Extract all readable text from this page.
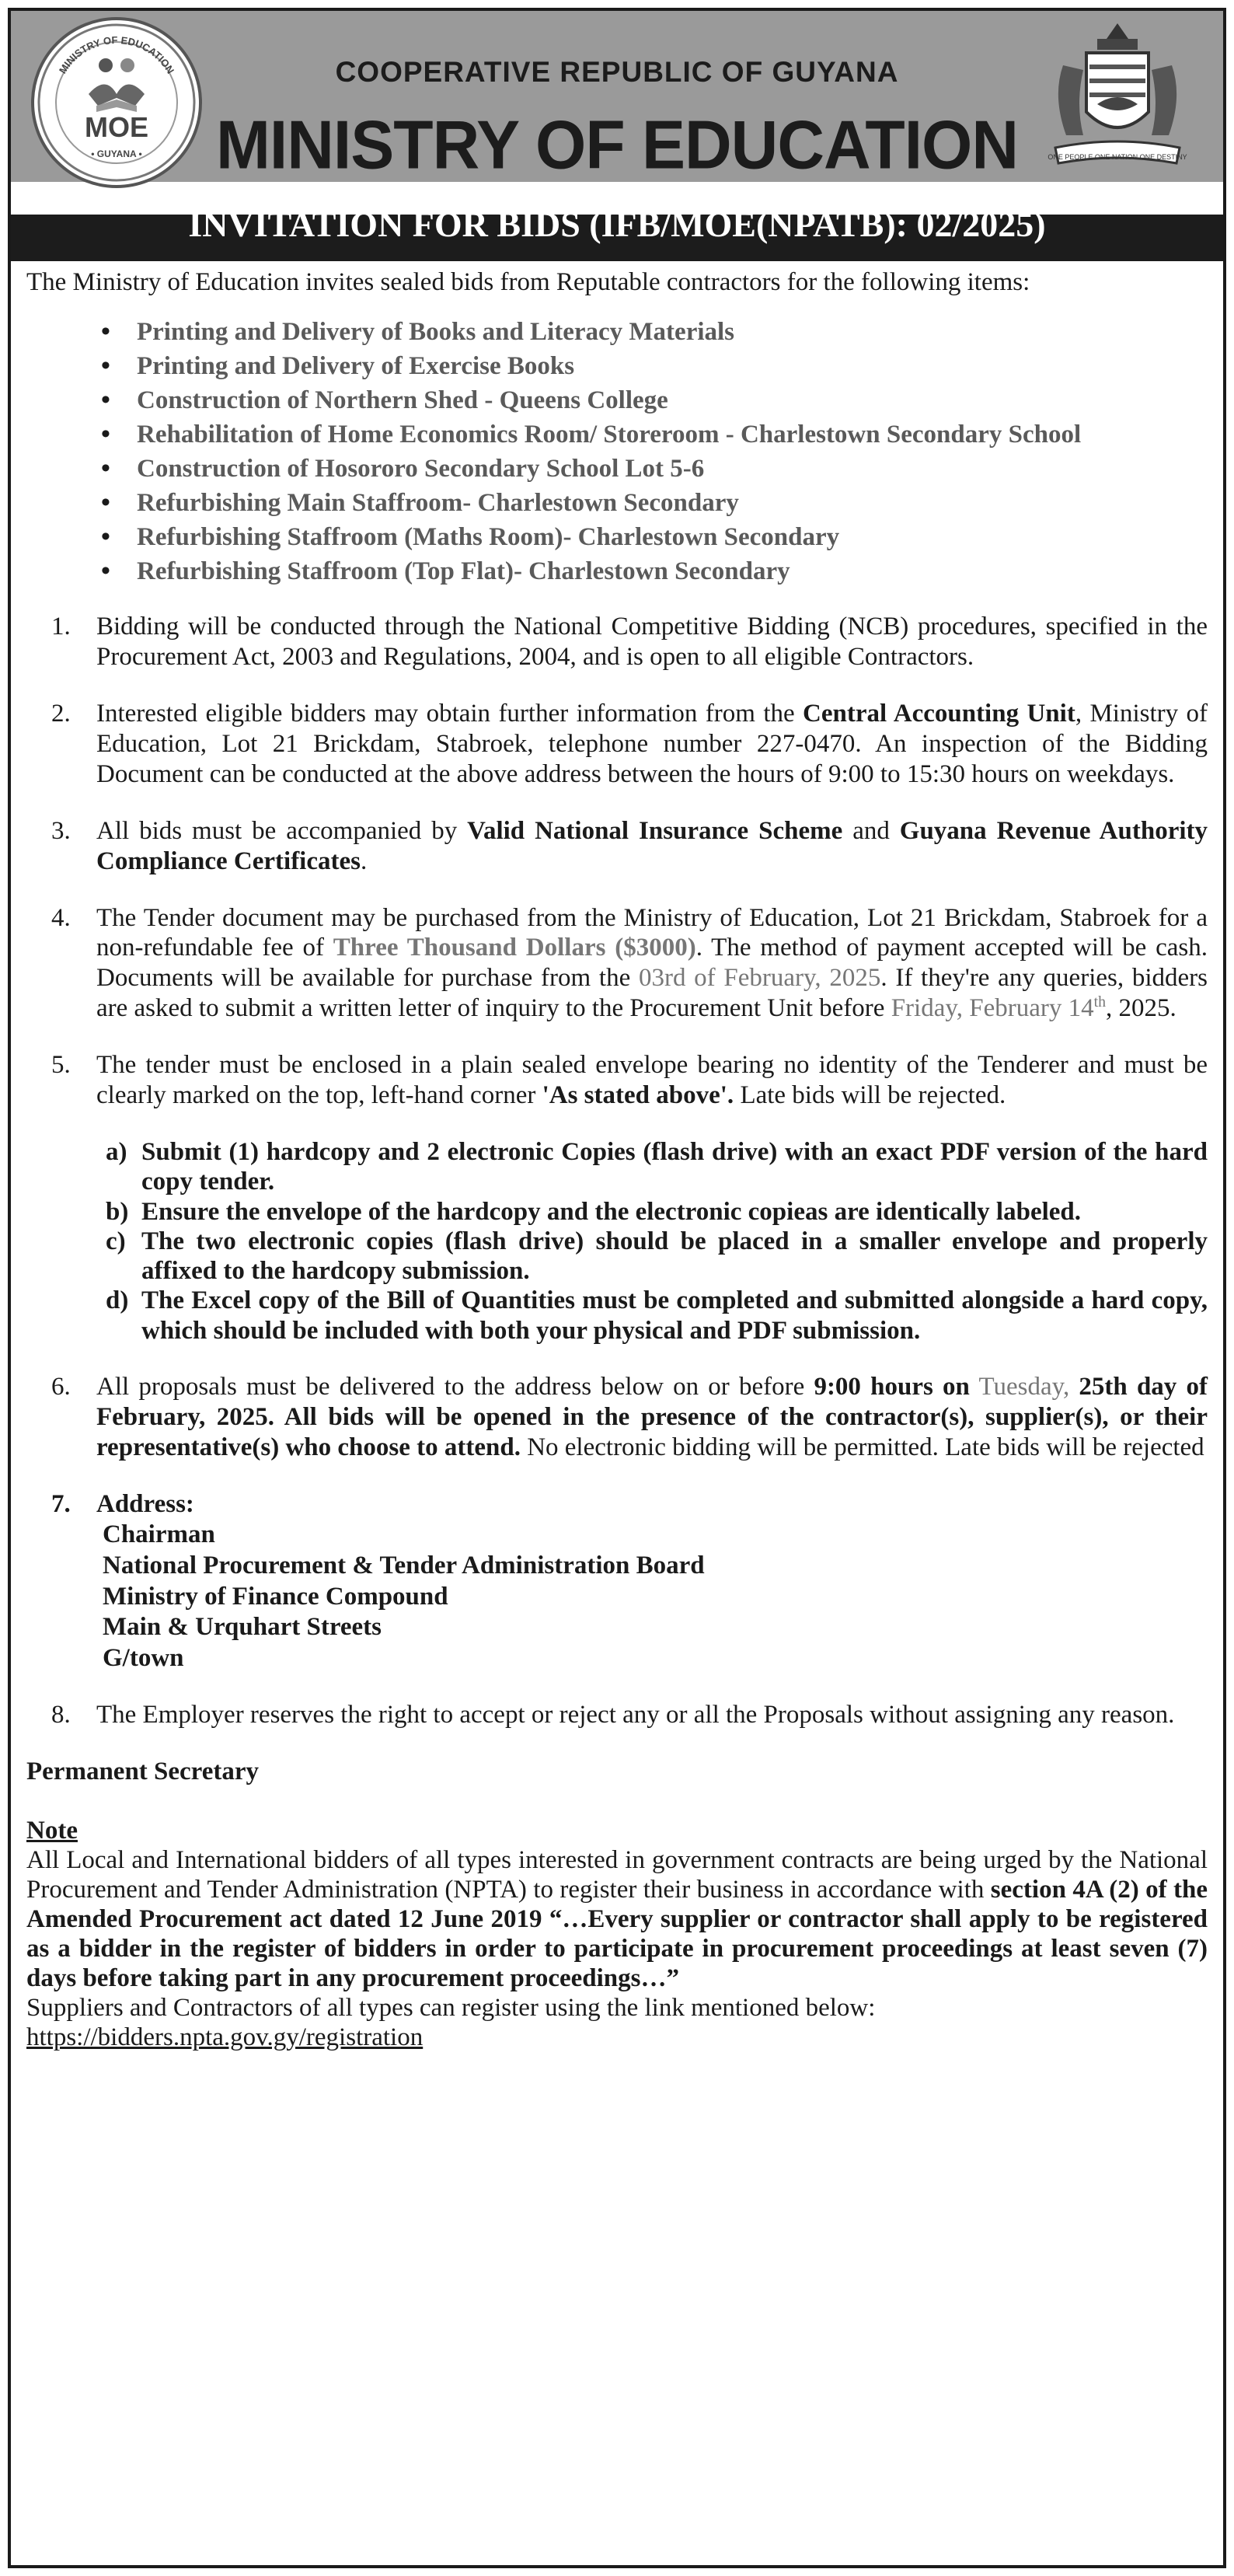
MOE
MINISTRY OF EDUCATION
• GUYANA •
COOPERATIVE REPUBLIC OF GUYANA
MINISTRY OF EDUCATION	ONE PEOPLE ONE NATION ONE DESTINY
INVITATION FOR BIDS (IFB/MOE(NPATB): 02/2025)

The Ministry of Education invites sealed bids from Reputable contractors for the following items:

• Printing and Delivery of Books and Literacy Materials
• Printing and Delivery of Exercise Books
• Construction of Northern Shed - Queens College
• Rehabilitation of Home Economics Room/ Storeroom - Charlestown Secondary School
• Construction of Hosororo Secondary School Lot 5-6
• Refurbishing Main Staffroom- Charlestown Secondary
• Refurbishing Staffroom (Maths Room)- Charlestown Secondary
• Refurbishing Staffroom (Top Flat)- Charlestown Secondary
1. Bidding will be conducted through the National Competitive Bidding (NCB) procedures, specified in the Procurement Act, 2003 and Regulations, 2004, and is open to all eligible Contractors.
2. Interested eligible bidders may obtain further information from the Central Accounting Unit, Ministry of Education, Lot 21 Brickdam, Stabroek, telephone number 227-0470. An inspection of the Bidding Document can be conducted at the above address between the hours of 9:00 to 15:30 hours on weekdays.
3. All bids must be accompanied by Valid National Insurance Scheme and Guyana Revenue Authority Compliance Certificates.
4. The Tender document may be purchased from the Ministry of Education, Lot 21 Brickdam, Stabroek for a non-refundable fee of Three Thousand Dollars ($3000). The method of payment accepted will be cash. Documents will be available for purchase from the 03rd of February, 2025. If they're any queries, bidders are asked to submit a written letter of inquiry to the Procurement Unit before Friday, February 14th, 2025.
5. The tender must be enclosed in a plain sealed envelope bearing no identity of the Tenderer and must be clearly marked on the top, left-hand corner 'As stated above'. Late bids will be rejected.
a) Submit (1) hardcopy and 2 electronic Copies (flash drive) with an exact PDF version of the hard copy tender.
b) Ensure the envelope of the hardcopy and the electronic copieas are identically labeled.
c) The two electronic copies (flash drive) should be placed in a smaller envelope and properly affixed to the hardcopy submission.
d) The Excel copy of the Bill of Quantities must be completed and submitted alongside a hard copy, which should be included with both your physical and PDF submission.
6. All proposals must be delivered to the address below on or before 9:00 hours on Tuesday, 25th day of February, 2025. All bids will be opened in the presence of the contractor(s), supplier(s), or their representative(s) who choose to attend. No electronic bidding will be permitted. Late bids will be rejected
7. Address:
Chairman
National Procurement & Tender Administration Board
Ministry of Finance Compound
Main & Urquhart Streets
G/town
8. The Employer reserves the right to accept or reject any or all the Proposals without assigning any reason.

Permanent Secretary

Note

All Local and International bidders of all types interested in government contracts are being urged by the National Procurement and Tender Administration (NPTA) to register their business in accordance with section 4A (2) of the Amended Procurement act dated 12 June 2019 “…Every supplier or contractor shall apply to be registered as a bidder in the register of bidders in order to participate in procurement proceedings at least seven (7) days before taking part in any procurement proceedings…”

Suppliers and Contractors of all types can register using the link mentioned below:

https://bidders.npta.gov.gy/registration
